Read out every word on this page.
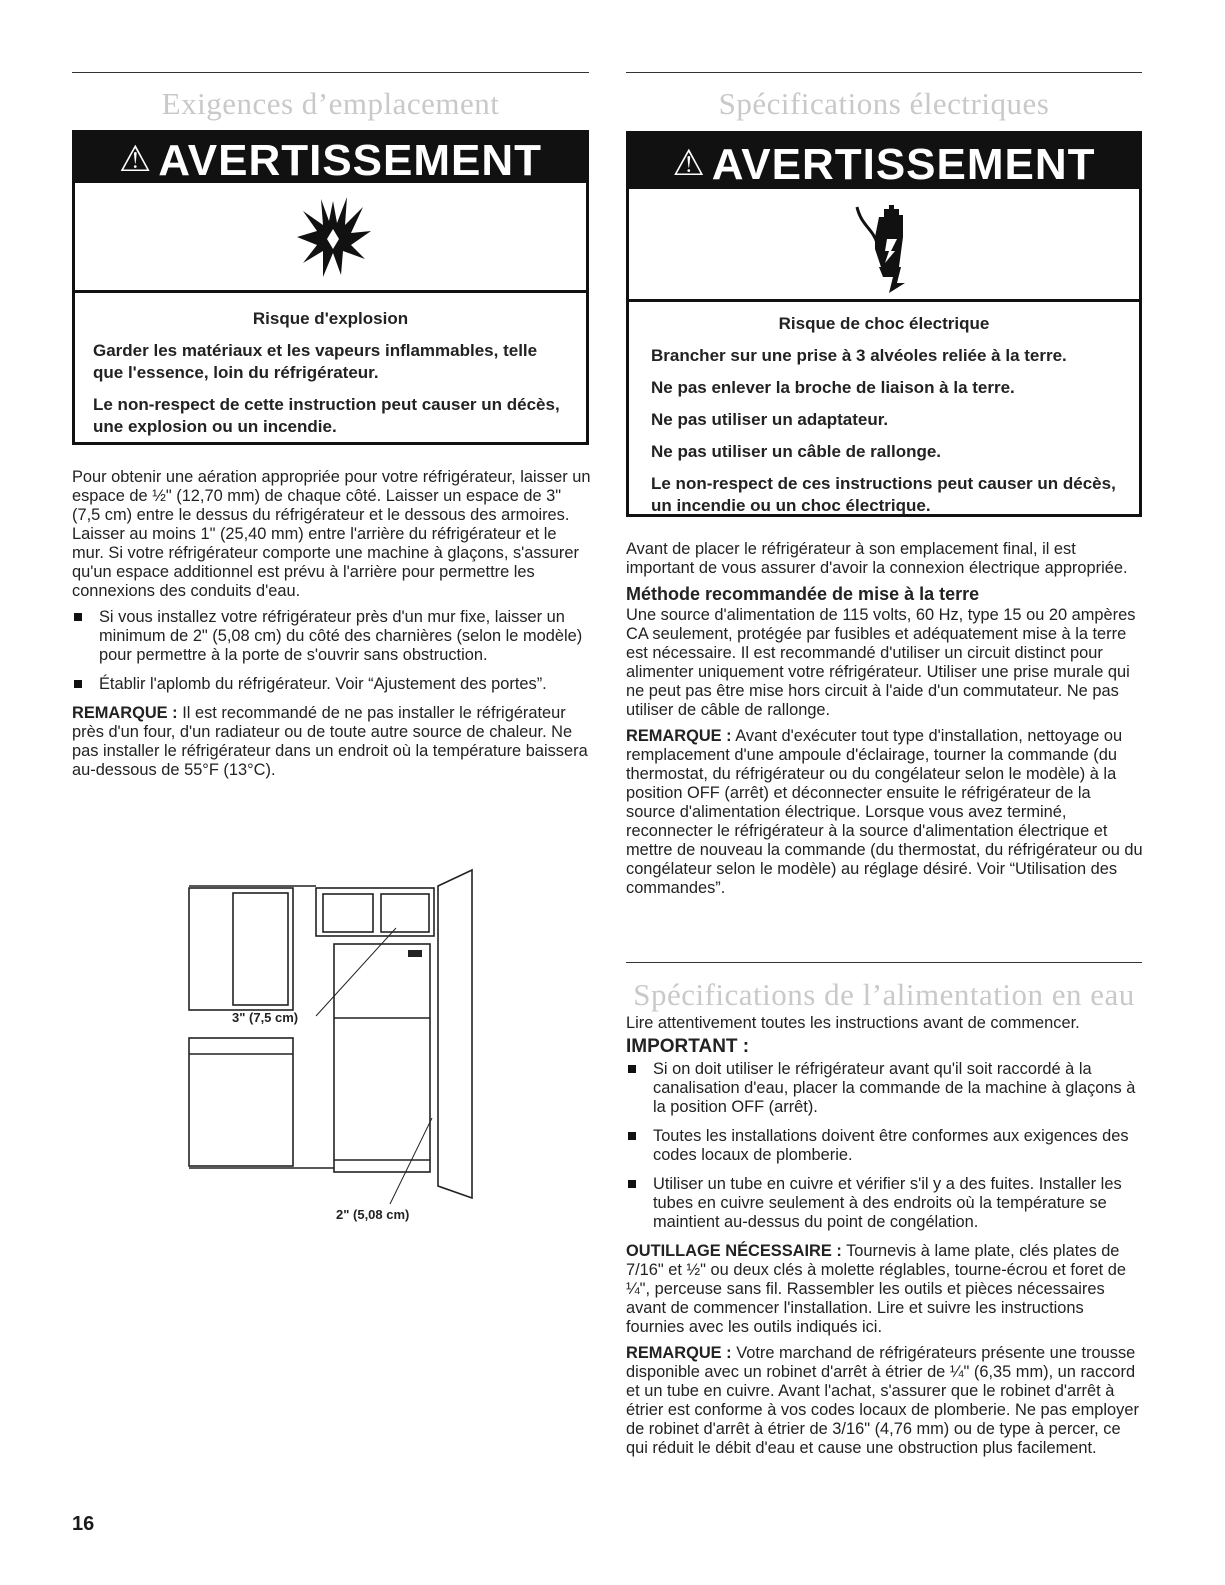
Exigences d’emplacement
⚠ AVERTISSEMENT
Risque d'explosion

Garder les matériaux et les vapeurs inflammables, telle que l'essence, loin du réfrigérateur.

Le non-respect de cette instruction peut causer un décès, une explosion ou un incendie.

Pour obtenir une aération appropriée pour votre réfrigérateur, laisser un espace de ½" (12,70 mm) de chaque côté. Laisser un espace de 3" (7,5 cm) entre le dessus du réfrigérateur et le dessous des armoires. Laisser au moins 1" (25,40 mm) entre l'arrière du réfrigérateur et le mur. Si votre réfrigérateur comporte une machine à glaçons, s'assurer qu'un espace additionnel est prévu à l'arrière pour permettre les connexions des conduits d'eau.

Si vous installez votre réfrigérateur près d'un mur fixe, laisser un minimum de 2" (5,08 cm) du côté des charnières (selon le modèle) pour permettre à la porte de s'ouvrir sans obstruction.
Établir l'aplomb du réfrigérateur. Voir “Ajustement des portes”.

REMARQUE : Il est recommandé de ne pas installer le réfrigérateur près d'un four, d'un radiateur ou de toute autre source de chaleur. Ne pas installer le réfrigérateur dans un endroit où la température baissera au-dessous de 55°F (13°C).

3" (7,5 cm)
2" (5,08 cm)
Spécifications électriques
⚠ AVERTISSEMENT
Risque de choc électrique

Brancher sur une prise à 3 alvéoles reliée à la terre.

Ne pas enlever la broche de liaison à la terre.

Ne pas utiliser un adaptateur.

Ne pas utiliser un câble de rallonge.

Le non-respect de ces instructions peut causer un décès, un incendie ou un choc électrique.

Avant de placer le réfrigérateur à son emplacement final, il est important de vous assurer d'avoir la connexion électrique appropriée.

Méthode recommandée de mise à la terre

Une source d'alimentation de 115 volts, 60 Hz, type 15 ou 20 ampères CA seulement, protégée par fusibles et adéquatement mise à la terre est nécessaire. Il est recommandé d'utiliser un circuit distinct pour alimenter uniquement votre réfrigérateur. Utiliser une prise murale qui ne peut pas être mise hors circuit à l'aide d'un commutateur. Ne pas utiliser de câble de rallonge.

REMARQUE : Avant d'exécuter tout type d'installation, nettoyage ou remplacement d'une ampoule d'éclairage, tourner la commande (du thermostat, du réfrigérateur ou du congélateur selon le modèle) à la position OFF (arrêt) et déconnecter ensuite le réfrigérateur de la source d'alimentation électrique. Lorsque vous avez terminé, reconnecter le réfrigérateur à la source d'alimentation électrique et mettre de nouveau la commande (du thermostat, du réfrigérateur ou du congélateur selon le modèle) au réglage désiré. Voir “Utilisation des commandes”.

Spécifications de l’alimentation en eau

Lire attentivement toutes les instructions avant de commencer.

IMPORTANT :
Si on doit utiliser le réfrigérateur avant qu'il soit raccordé à la canalisation d'eau, placer la commande de la machine à glaçons à la position OFF (arrêt).
Toutes les installations doivent être conformes aux exigences des codes locaux de plomberie.
Utiliser un tube en cuivre et vérifier s'il y a des fuites. Installer les tubes en cuivre seulement à des endroits où la température se maintient au-dessus du point de congélation.

OUTILLAGE NÉCESSAIRE : Tournevis à lame plate, clés plates de 7/16" et ½" ou deux clés à molette réglables, tourne-écrou et foret de ¼", perceuse sans fil. Rassembler les outils et pièces nécessaires avant de commencer l'installation. Lire et suivre les instructions fournies avec les outils indiqués ici.

REMARQUE : Votre marchand de réfrigérateurs présente une trousse disponible avec un robinet d'arrêt à étrier de ¼" (6,35 mm), un raccord et un tube en cuivre. Avant l'achat, s'assurer que le robinet d'arrêt à étrier est conforme à vos codes locaux de plomberie. Ne pas employer de robinet d'arrêt à étrier de 3/16" (4,76 mm) ou de type à percer, ce qui réduit le débit d'eau et cause une obstruction plus facilement.

16
